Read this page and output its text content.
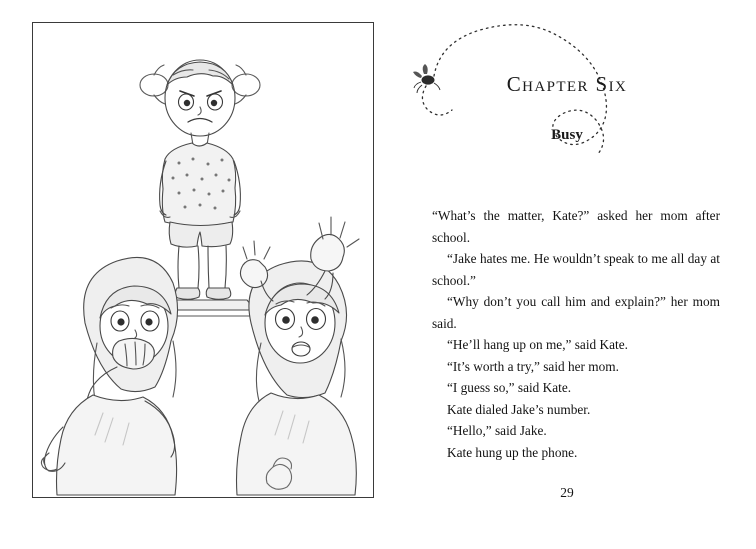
Chapter Six
Busy

“What’s the matter, Kate?” asked her mom after school.

“Jake hates me. He wouldn’t speak to me all day at school.”

“Why don’t you call him and explain?” her mom said.

“He’ll hang up on me,” said Kate.

“It’s worth a try,” said her mom.

“I guess so,” said Kate.

Kate dialed Jake’s number.

“Hello,” said Jake.

Kate hung up the phone.

29
